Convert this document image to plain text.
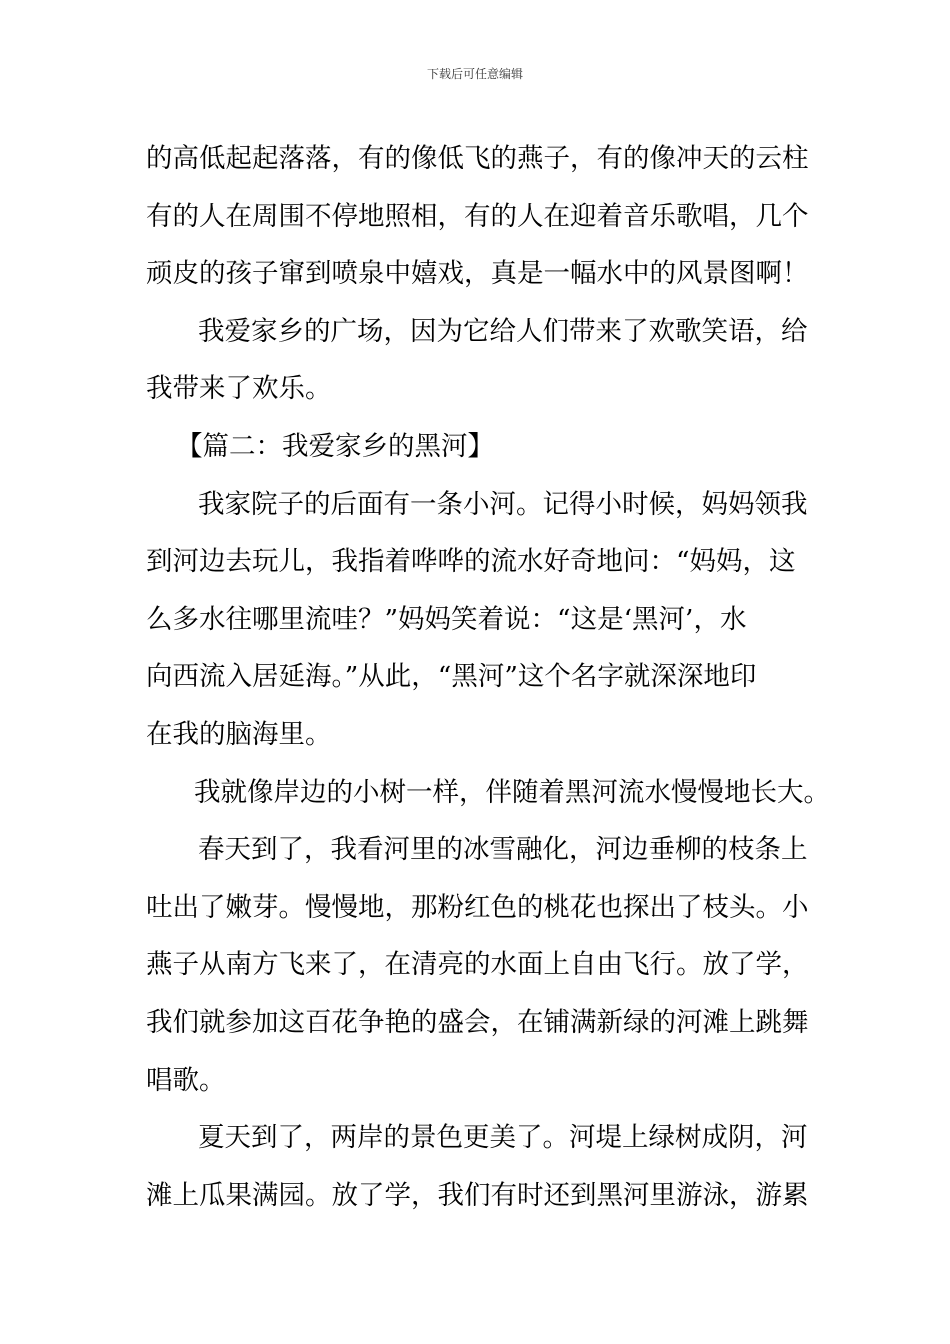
下载后可任意编辑
的高低起起落落，有的像低飞的燕子，有的像冲天的云柱
有的人在周围不停地照相，有的人在迎着音乐歌唱，几个
顽皮的孩子窜到喷泉中嬉戏，真是一幅水中的风景图啊！
我爱家乡的广场，因为它给人们带来了欢歌笑语，给
我带来了欢乐。
【篇二：我爱家乡的黑河】
我家院子的后面有一条小河。记得小时候，妈妈领我
到河边去玩儿，我指着哗哗的流水好奇地问：“妈妈，这
么多水往哪里流哇？”妈妈笑着说：“这是‘黑河’，水
向西流入居延海。”从此，“黑河”这个名字就深深地印
在我的脑海里。
我就像岸边的小树一样，伴随着黑河流水慢慢地长大。
春天到了，我看河里的冰雪融化，河边垂柳的枝条上
吐出了嫩芽。慢慢地，那粉红色的桃花也探出了枝头。小
燕子从南方飞来了，在清亮的水面上自由飞行。放了学，
我们就参加这百花争艳的盛会，在铺满新绿的河滩上跳舞
唱歌。
夏天到了，两岸的景色更美了。河堤上绿树成阴，河
滩上瓜果满园。放了学，我们有时还到黑河里游泳，游累
